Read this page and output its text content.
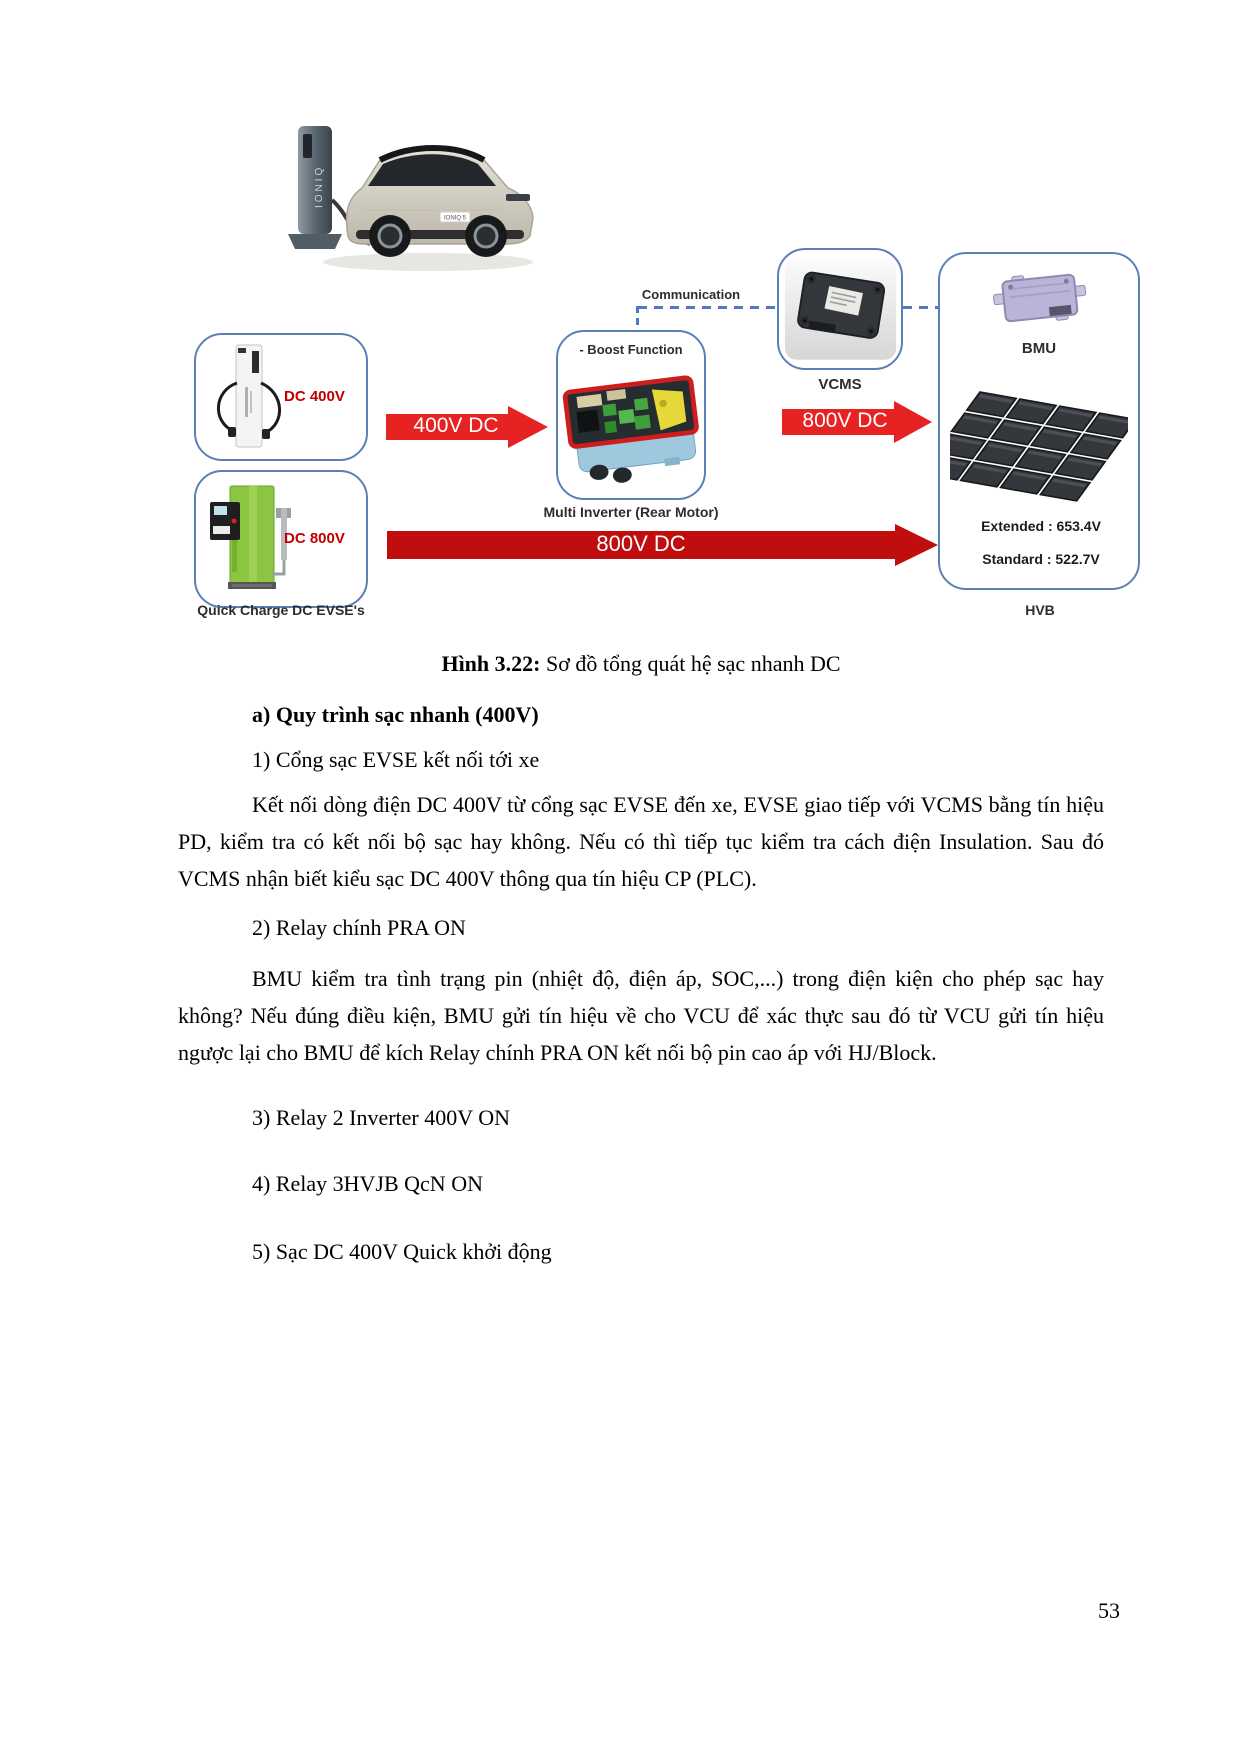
IONIQ
IONIQ 5
DC 400V
DC 800V
Quick Charge DC EVSE's
400V DC
- Boost Function
Multi Inverter (Rear Motor)
Communication
VCMS
800V DC
BMU
Extended : 653.4V
Standard : 522.7V
HVB
800V DC
Hình 3.22: Sơ đồ tổng quát hệ sạc nhanh DC
a) Quy trình sạc nhanh (400V)
1) Cổng sạc EVSE kết nối tới xe
Kết nối dòng điện DC 400V từ cổng sạc EVSE đến xe, EVSE giao tiếp với VCMS bằng tín hiệu PD, kiểm tra có kết nối bộ sạc hay không. Nếu có thì tiếp tục kiểm tra cách điện Insulation. Sau đó VCMS nhận biết kiểu sạc DC 400V thông qua tín hiệu CP (PLC).
2) Relay chính PRA ON
BMU kiểm tra tình trạng pin (nhiệt độ, điện áp, SOC,...) trong điện kiện cho phép sạc hay không? Nếu đúng điều kiện, BMU gửi tín hiệu về cho VCU để xác thực sau đó từ VCU gửi tín hiệu ngược lại cho BMU để kích Relay chính PRA ON kết nối bộ pin cao áp với HJ/Block.
3) Relay 2 Inverter 400V ON
4) Relay 3HVJB QcN ON
5) Sạc DC 400V Quick khởi động
53
